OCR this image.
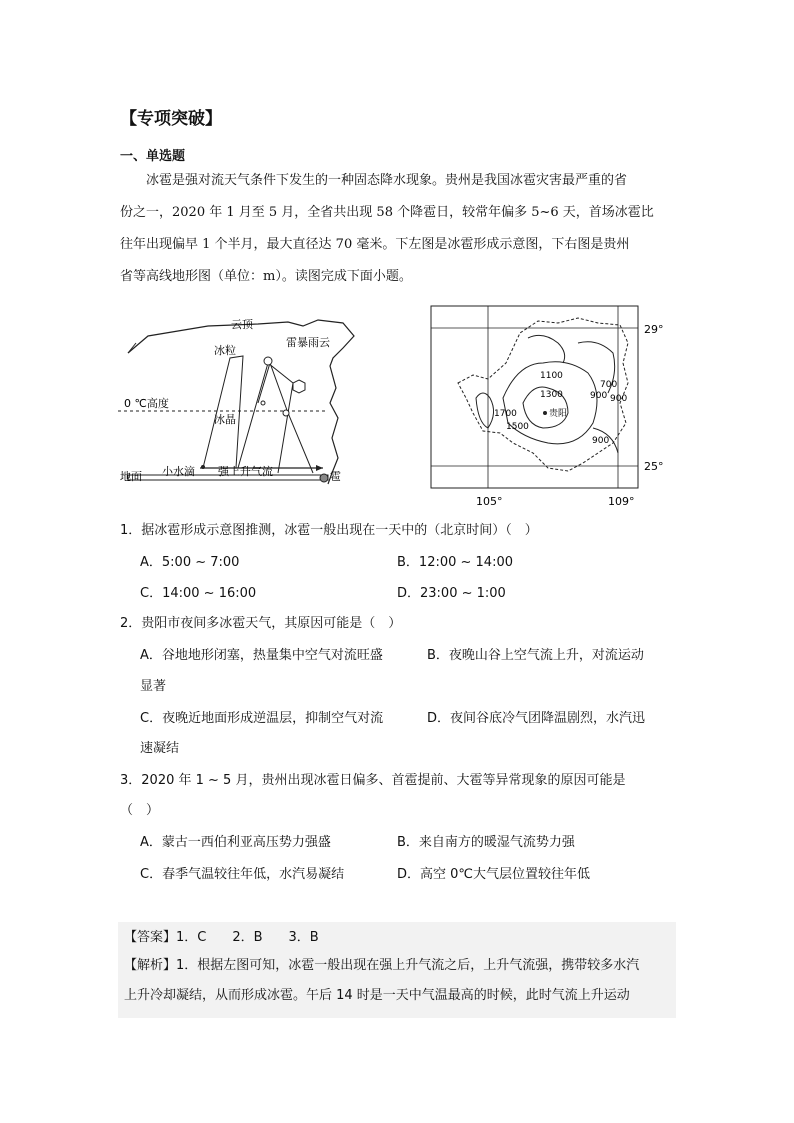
【专项突破】
一、单选题
冰雹是强对流天气条件下发生的一种固态降水现象。贵州是我国冰雹灾害最严重的省
份之一，2020 年 1 月至 5 月，全省共出现 58 个降雹日，较常年偏多 5~6 天，首场冰雹比
往年出现偏早 1 个半月，最大直径达 70 毫米。下左图是冰雹形成示意图，下右图是贵州
省等高线地形图（单位：m）。读图完成下面小题。
云顶
雷暴雨云
冰粒
0 ℃高度
冰晶
小水滴 强上升气流
地面	雹
1100
1300
1700
1500
700
900 900
900
贵阳
29°
25°
105°	109°
1．据冰雹形成示意图推测，冰雹一般出现在一天中的（北京时间）（　）
A．5:00 ~ 7:00	B．12:00 ~ 14:00
C．14:00 ~ 16:00	D．23:00 ~ 1:00
2．贵阳市夜间多冰雹天气，其原因可能是（　）
A．谷地地形闭塞，热量集中空气对流旺盛	B．夜晚山谷上空气流上升，对流运动
显著
C．夜晚近地面形成逆温层，抑制空气对流	D．夜间谷底冷气团降温剧烈，水汽迅
速凝结
3．2020 年 1 ~ 5 月，贵州出现冰雹日偏多、首雹提前、大雹等异常现象的原因可能是
（　）
A．蒙古一西伯利亚高压势力强盛	B．来自南方的暖湿气流势力强
C．春季气温较往年低，水汽易凝结	D．高空 0℃大气层位置较往年低
【答案】1．C　　2．B　　3．B
【解析】1．根据左图可知，冰雹一般出现在强上升气流之后，上升气流强，携带较多水汽
上升冷却凝结，从而形成冰雹。午后 14 时是一天中气温最高的时候，此时气流上升运动
